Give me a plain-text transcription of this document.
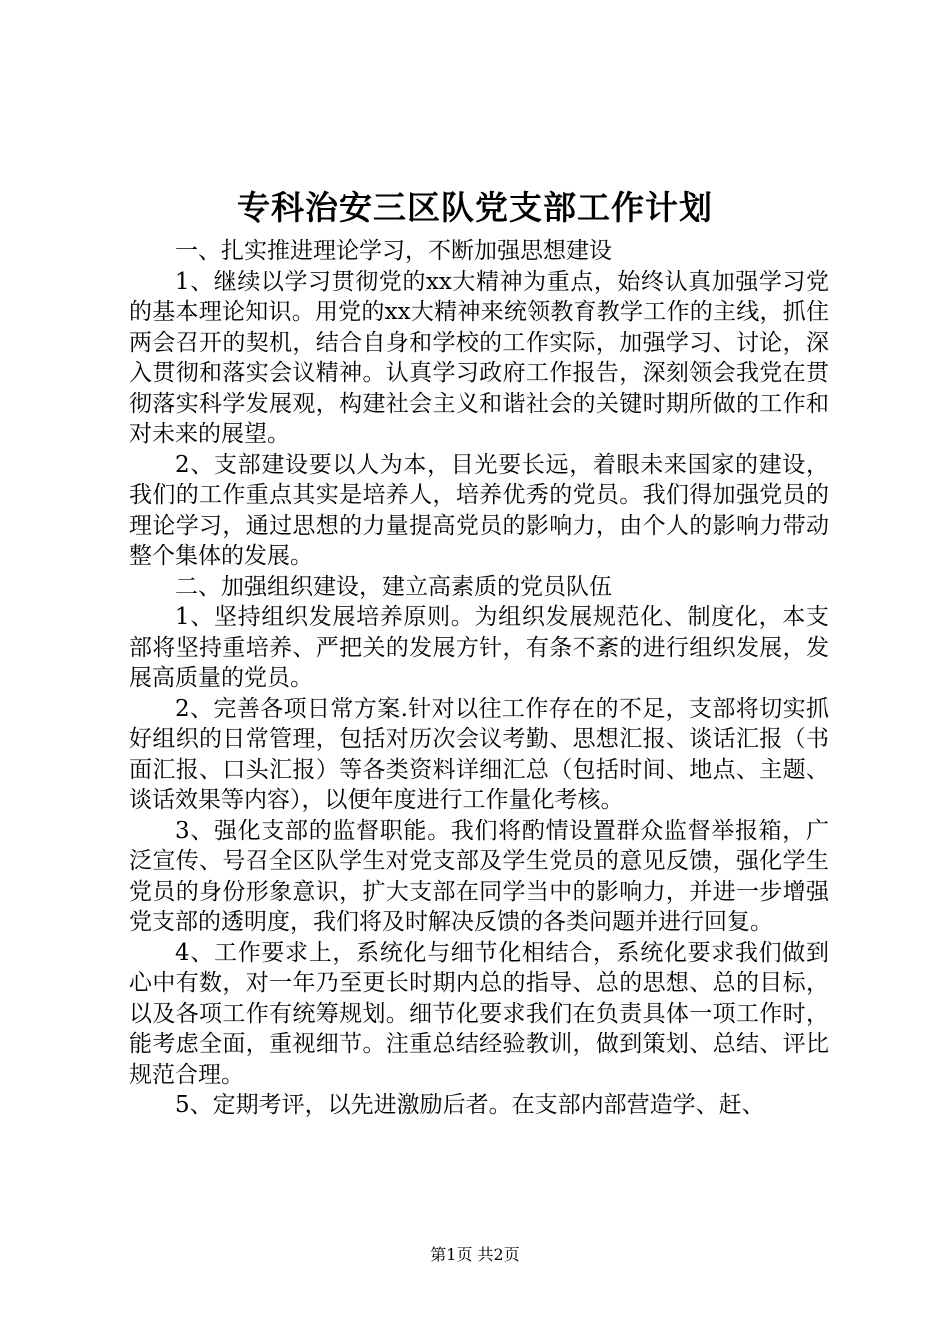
专科治安三区队党支部工作计划

一、扎实推进理论学习，不断加强思想建设

1、继续以学习贯彻党的xx大精神为重点，始终认真加强学习党的基本理论知识。用党的xx大精神来统领教育教学工作的主线，抓住两会召开的契机，结合自身和学校的工作实际，加强学习、讨论，深入贯彻和落实会议精神。认真学习政府工作报告，深刻领会我党在贯彻落实科学发展观，构建社会主义和谐社会的关键时期所做的工作和对未来的展望。

2、支部建设要以人为本，目光要长远，着眼未来国家的建设，我们的工作重点其实是培养人，培养优秀的党员。我们得加强党员的理论学习，通过思想的力量提高党员的影响力，由个人的影响力带动整个集体的发展。

二、加强组织建设，建立高素质的党员队伍

1、坚持组织发展培养原则。为组织发展规范化、制度化，本支部将坚持重培养、严把关的发展方针，有条不紊的进行组织发展，发展高质量的党员。

2、完善各项日常方案.针对以往工作存在的不足，支部将切实抓好组织的日常管理，包括对历次会议考勤、思想汇报、谈话汇报（书面汇报、口头汇报）等各类资料详细汇总（包括时间、地点、主题、谈话效果等内容），以便年度进行工作量化考核。

3、强化支部的监督职能。我们将酌情设置群众监督举报箱，广泛宣传、号召全区队学生对党支部及学生党员的意见反馈，强化学生党员的身份形象意识，扩大支部在同学当中的影响力，并进一步增强党支部的透明度，我们将及时解决反馈的各类问题并进行回复。

4、工作要求上，系统化与细节化相结合，系统化要求我们做到心中有数，对一年乃至更长时期内总的指导、总的思想、总的目标，以及各项工作有统筹规划。细节化要求我们在负责具体一项工作时，能考虑全面，重视细节。注重总结经验教训，做到策划、总结、评比规范合理。

5、定期考评，以先进激励后者。在支部内部营造学、赶、

第1页 共2页
